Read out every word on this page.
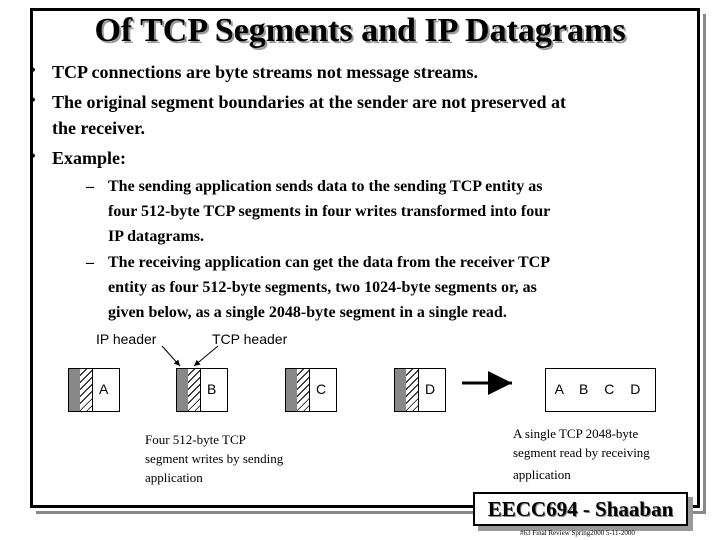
Of TCP Segments and IP Datagrams
• TCP connections are byte streams not message streams.
• The original segment boundaries at the sender are not preserved at
the receiver.
• Example:
– The sending application sends data to the sending TCP entity as
four 512-byte TCP segments in four writes transformed into four
IP datagrams.
– The receiving application can get the data from the receiver TCP
entity as four 512-byte segments, two 1024-byte segments or, as
given below, as a single 2048-byte segment in a single read.
IP header	TCP header
A	B	C	D	A B C D
Four 512-byte TCP
segment writes by sending
application
A single TCP 2048-byte
segment read by receiving
application
EECC694 - Shaaban
#63 Final Review Spring2000 5-11-2000
